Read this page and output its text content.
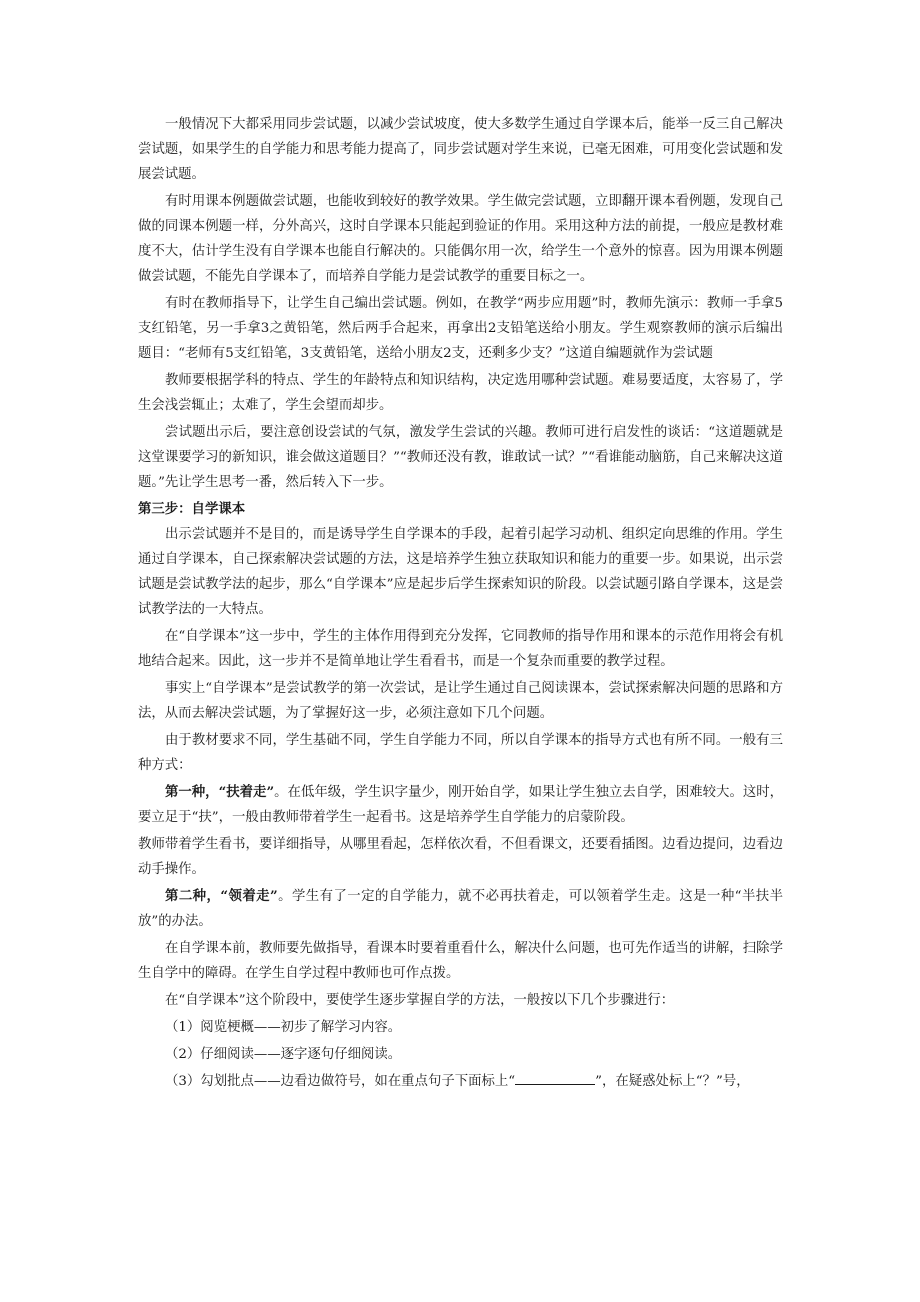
一般情况下大都采用同步尝试题，以减少尝试坡度，使大多数学生通过自学课本后，能举一反三自己解决尝试题，如果学生的自学能力和思考能力提高了，同步尝试题对学生来说，已毫无困难，可用变化尝试题和发展尝试题。

有时用课本例题做尝试题，也能收到较好的教学效果。学生做完尝试题，立即翻开课本看例题，发现自己做的同课本例题一样，分外高兴，这时自学课本只能起到验证的作用。采用这种方法的前提，一般应是教材难度不大，估计学生没有自学课本也能自行解决的。只能偶尔用一次，给学生一个意外的惊喜。因为用课本例题做尝试题，不能先自学课本了，而培养自学能力是尝试教学的重要目标之一。

有时在教师指导下，让学生自己编出尝试题。例如，在教学“两步应用题”时，教师先演示：教师一手拿5支红铅笔，另一手拿3之黄铅笔，然后两手合起来，再拿出2支铅笔送给小朋友。学生观察教师的演示后编出题目：“老师有5支红铅笔，3支黄铅笔，送给小朋友2支，还剩多少支？”这道自编题就作为尝试题

教师要根据学科的特点、学生的年龄特点和知识结构，决定选用哪种尝试题。难易要适度，太容易了，学生会浅尝辄止；太难了，学生会望而却步。

尝试题出示后，要注意创设尝试的气氛，激发学生尝试的兴趣。教师可进行启发性的谈话：“这道题就是这堂课要学习的新知识，谁会做这道题目？”“教师还没有教，谁敢试一试？”“看谁能动脑筋，自己来解决这道题。”先让学生思考一番，然后转入下一步。

第三步：自学课本

出示尝试题并不是目的，而是诱导学生自学课本的手段，起着引起学习动机、组织定向思维的作用。学生通过自学课本，自己探索解决尝试题的方法，这是培养学生独立获取知识和能力的重要一步。如果说，出示尝试题是尝试教学法的起步，那么“自学课本”应是起步后学生探索知识的阶段。以尝试题引路自学课本，这是尝试教学法的一大特点。

在“自学课本”这一步中，学生的主体作用得到充分发挥，它同教师的指导作用和课本的示范作用将会有机地结合起来。因此，这一步并不是简单地让学生看看书，而是一个复杂而重要的教学过程。

事实上“自学课本”是尝试教学的第一次尝试，是让学生通过自己阅读课本，尝试探索解决问题的思路和方法，从而去解决尝试题，为了掌握好这一步，必须注意如下几个问题。

由于教材要求不同，学生基础不同，学生自学能力不同，所以自学课本的指导方式也有所不同。一般有三种方式：

第一种，“扶着走”。在低年级，学生识字量少，刚开始自学，如果让学生独立去自学，困难较大。这时，要立足于“扶”，一般由教师带着学生一起看书。这是培养学生自学能力的启蒙阶段。

教师带着学生看书，要详细指导，从哪里看起，怎样依次看，不但看课文，还要看插图。边看边提问，边看边动手操作。

第二种，“领着走”。学生有了一定的自学能力，就不必再扶着走，可以领着学生走。这是一种“半扶半放”的办法。

在自学课本前，教师要先做指导，看课本时要着重看什么，解决什么问题，也可先作适当的讲解，扫除学生自学中的障碍。在学生自学过程中教师也可作点拨。

在“自学课本”这个阶段中，要使学生逐步掌握自学的方法，一般按以下几个步骤进行：

（1）阅览梗概——初步了解学习内容。

（2）仔细阅读——逐字逐句仔细阅读。

（3）勾划批点——边看边做符号，如在重点句子下面标上“	”，在疑惑处标上“？”号，
